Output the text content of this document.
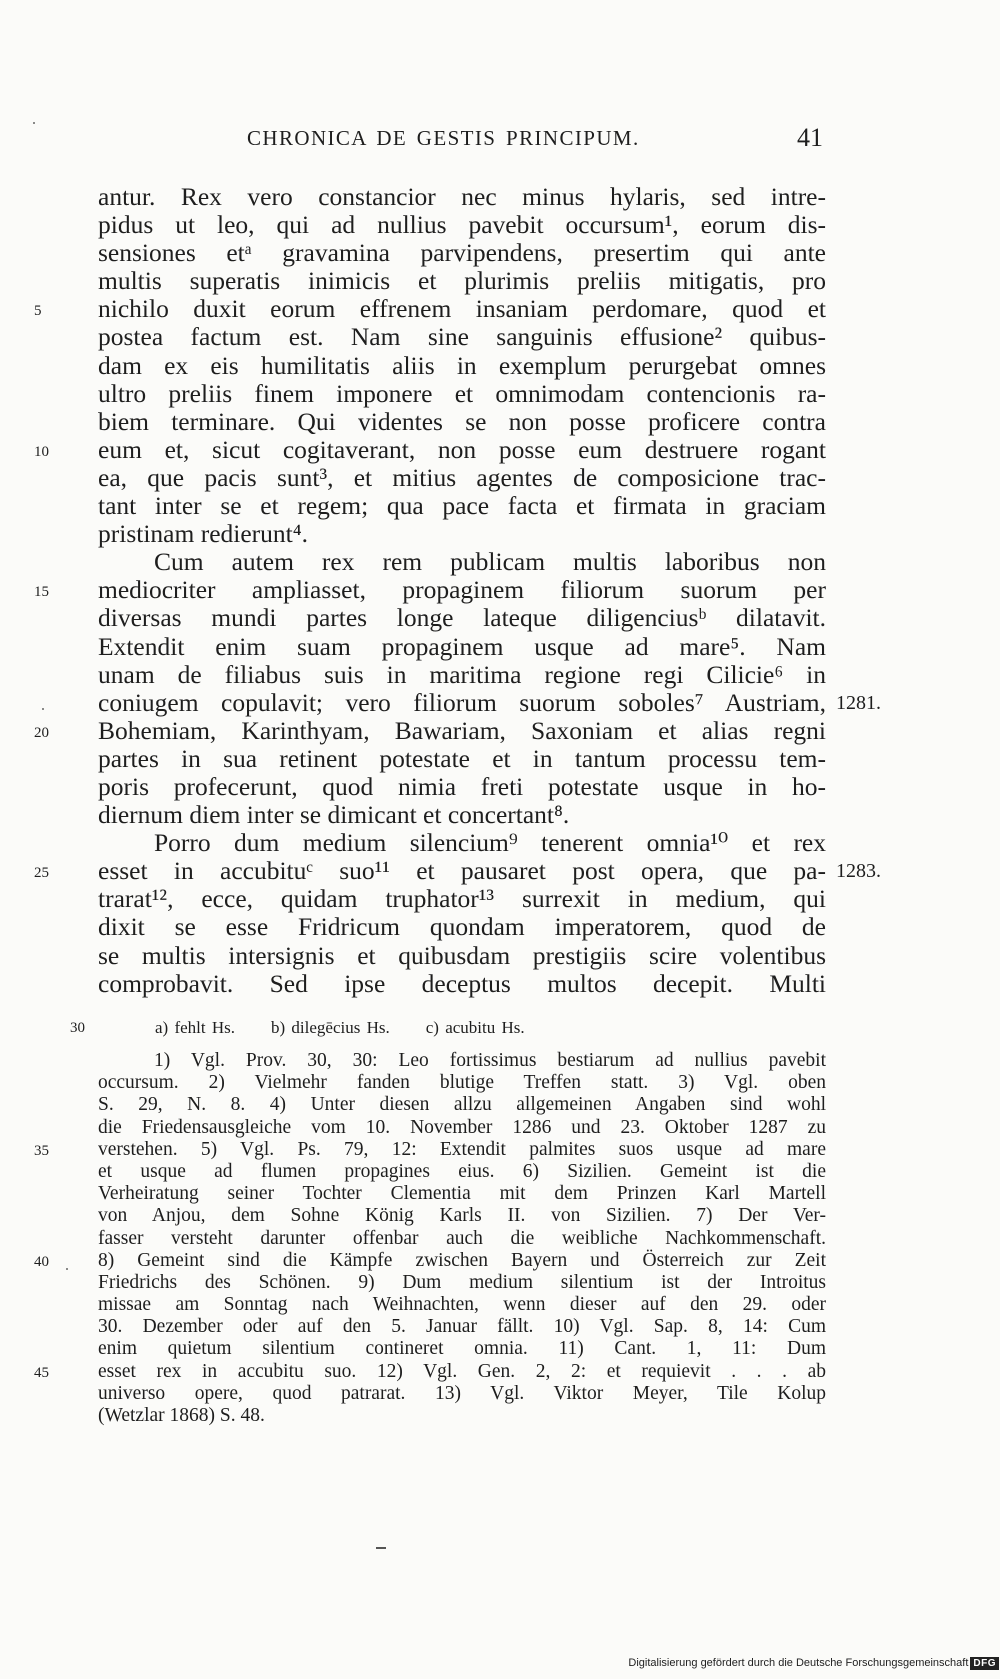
CHRONICA DE GESTIS PRINCIPUM.	41
antur. Rex vero constancior nec minus hylaris, sed intre-
pidus ut leo, qui ad nullius pavebit occursum¹, eorum dis-
sensiones etᵃ gravamina parvipendens, presertim qui ante
multis superatis inimicis et plurimis preliis mitigatis, pro
nichilo duxit eorum effrenem insaniam perdomare, quod et
5
postea factum est. Nam sine sanguinis effusione² quibus-
dam ex eis humilitatis aliis in exemplum perurgebat omnes
ultro preliis finem imponere et omnimodam contencionis ra-
biem terminare. Qui videntes se non posse proficere contra
eum et, sicut cogitaverant, non posse eum destruere rogant
10
ea, que pacis sunt³, et mitius agentes de composicione trac-
tant inter se et regem; qua pace facta et firmata in graciam
pristinam redierunt⁴.
Cum autem rex rem publicam multis laboribus non
mediocriter ampliasset, propaginem filiorum suorum per
15
diversas mundi partes longe lateque diligenciusᵇ dilatavit.
Extendit enim suam propaginem usque ad mare⁵. Nam
unam de filiabus suis in maritima regione regi Cilicie⁶ in
coniugem copulavit; vero filiorum suorum soboles⁷ Austriam, 1281.
Bohemiam, Karinthyam, Bawariam, Saxoniam et alias regni
20
partes in sua retinent potestate et in tantum processu tem-
poris profecerunt, quod nimia freti potestate usque in ho-
diernum diem inter se dimicant et concertant⁸.
Porro dum medium silencium⁹ tenerent omnia¹⁰ et rex
esset in accubituᶜ suo¹¹ et pausaret post opera, que pa-
25	1283.
trarat¹², ecce, quidam truphator¹³ surrexit in medium, qui
dixit se esse Fridricum quondam imperatorem, quod de
se multis intersignis et quibusdam prestigiis scire volentibus
comprobavit. Sed ipse deceptus multos decepit. Multi
30	a) fehlt Hs. b) dilegēcius Hs. c) acubitu Hs.
1) Vgl. Prov. 30, 30: Leo fortissimus bestiarum ad nullius pavebit
occursum. 2) Vielmehr fanden blutige Treffen statt. 3) Vgl. oben
S. 29, N. 8. 4) Unter diesen allzu allgemeinen Angaben sind wohl
die Friedensausgleiche vom 10. November 1286 und 23. Oktober 1287 zu
verstehen. 5) Vgl. Ps. 79, 12: Extendit palmites suos usque ad mare
35
et usque ad flumen propagines eius. 6) Sizilien. Gemeint ist die
Verheiratung seiner Tochter Clementia mit dem Prinzen Karl Martell
von Anjou, dem Sohne König Karls II. von Sizilien. 7) Der Ver-
fasser versteht darunter offenbar auch die weibliche Nachkommenschaft.
8) Gemeint sind die Kämpfe zwischen Bayern und Österreich zur Zeit
40
Friedrichs des Schönen. 9) Dum medium silentium ist der Introitus
missae am Sonntag nach Weihnachten, wenn dieser auf den 29. oder
30. Dezember oder auf den 5. Januar fällt. 10) Vgl. Sap. 8, 14: Cum
enim quietum silentium contineret omnia. 11) Cant. 1, 11: Dum
esset rex in accubitu suo. 12) Vgl. Gen. 2, 2: et requievit . . . ab
45
universo opere, quod patrarat. 13) Vgl. Viktor Meyer, Tile Kolup
(Wetzlar 1868) S. 48.
Digitalisierung gefördert durch die Deutsche Forschungsgemeinschaft DFG
